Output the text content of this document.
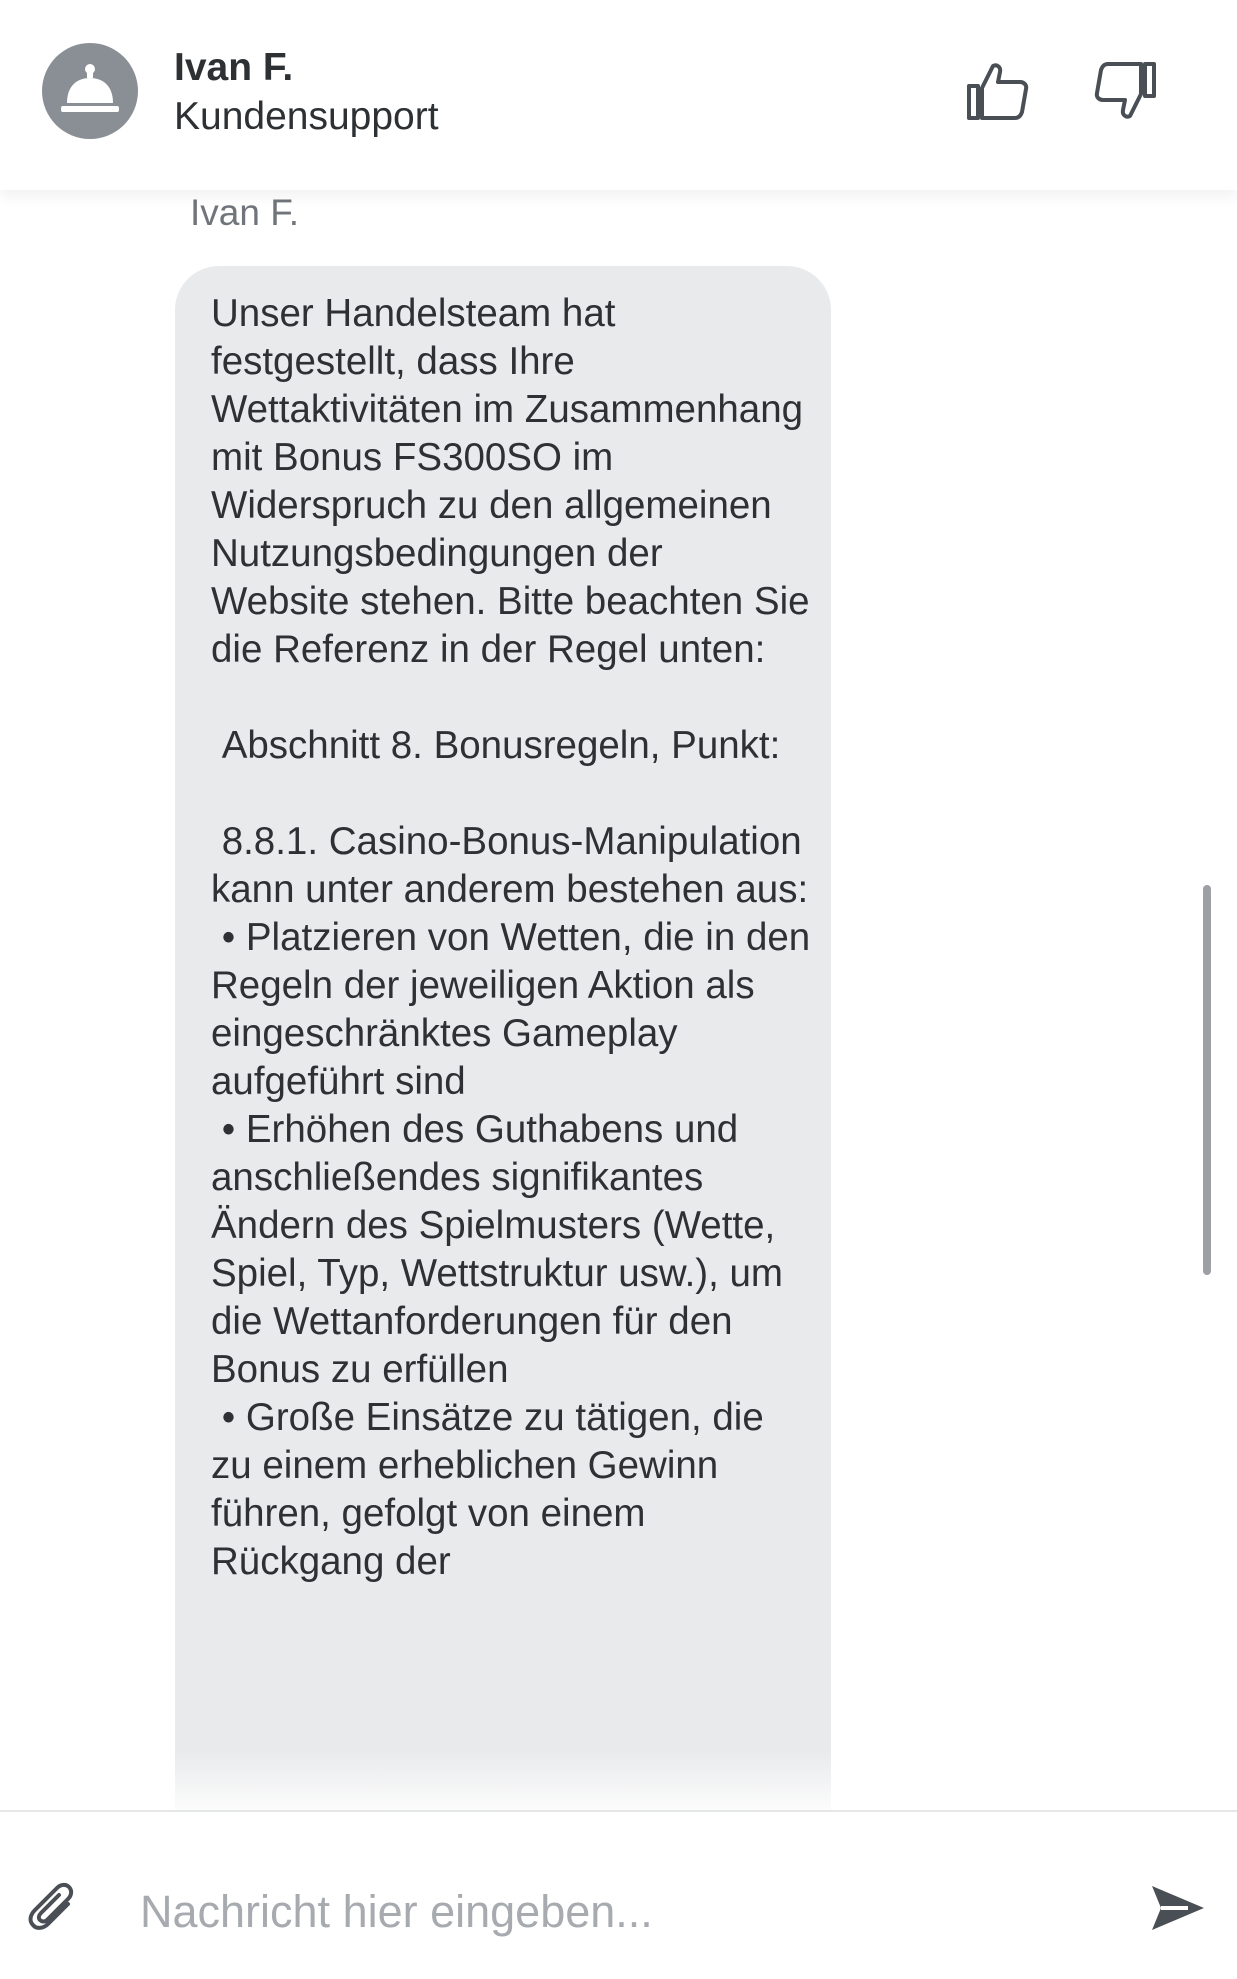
Ivan F.
Kundensupport
Ivan F.
Unser Handelsteam hat festgestellt, dass Ihre Wettaktivitäten im Zusammenhang mit Bonus FS300SO im Widerspruch zu den allgemeinen Nutzungsbedingungen der Website stehen. Bitte beachten Sie die Referenz in der Regel unten:

Abschnitt 8. Bonusregeln, Punkt:

8.8.1. Casino-Bonus-Manipulation kann unter anderem bestehen aus:
• Platzieren von Wetten, die in den Regeln der jeweiligen Aktion als eingeschränktes Gameplay aufgeführt sind
• Erhöhen des Guthabens und anschließendes signifikantes Ändern des Spielmusters (Wette, Spiel, Typ, Wettstruktur usw.), um die Wettanforderungen für den Bonus zu erfüllen
• Große Einsätze zu tätigen, die zu einem erheblichen Gewinn führen, gefolgt von einem Rückgang der
Nachricht hier eingeben...
